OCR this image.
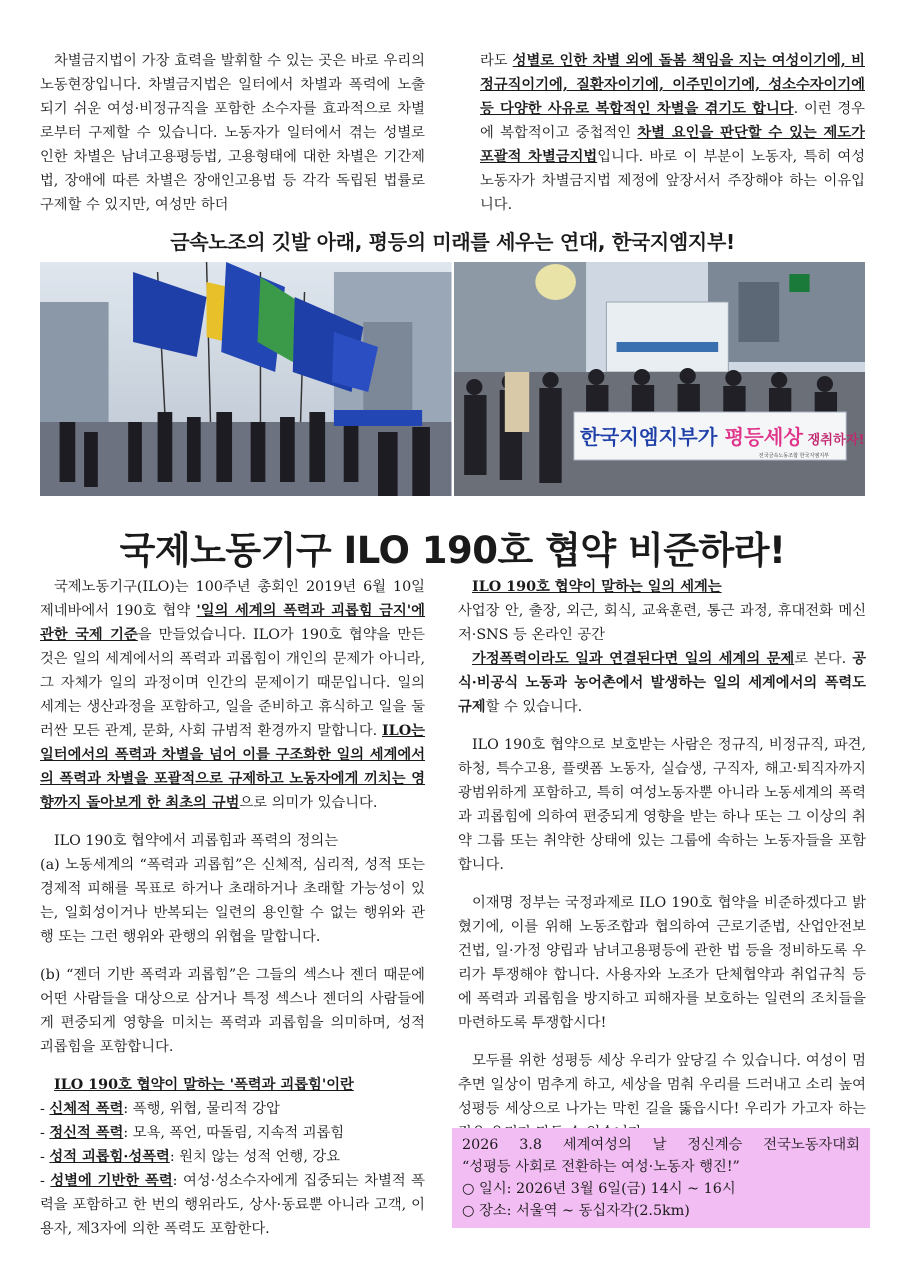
차별금지법이 가장 효력을 발휘할 수 있는 곳은 바로 우리의 노동현장입니다. 차별금지법은 일터에서 차별과 폭력에 노출되기 쉬운 여성·비정규직을 포함한 소수자를 효과적으로 차별로부터 구제할 수 있습니다. 노동자가 일터에서 겪는 성별로 인한 차별은 남녀고용평등법, 고용형태에 대한 차별은 기간제법, 장애에 따른 차별은 장애인고용법 등 각각 독립된 법률로 구제할 수 있지만, 여성만 하더

라도 성별로 인한 차별 외에 돌봄 책임을 지는 여성이기에, 비정규직이기에, 질환자이기에, 이주민이기에, 성소수자이기에 등 다양한 사유로 복합적인 차별을 겪기도 합니다. 이런 경우에 복합적이고 중첩적인 차별 요인을 판단할 수 있는 제도가 포괄적 차별금지법입니다. 바로 이 부분이 노동자, 특히 여성노동자가 차별금지법 제정에 앞장서서 주장해야 하는 이유입니다.

금속노조의 깃발 아래, 평등의 미래를 세우는 연대, 한국지엠지부!
한국지엠지부가 평등세상 쟁취하자!
전국금속노동조합 한국지엠지부
국제노동기구 ILO 190호 협약 비준하라!

국제노동기구(ILO)는 100주년 총회인 2019년 6월 10일 제네바에서 190호 협약 '일의 세계의 폭력과 괴롭힘 금지'에 관한 국제 기준을 만들었습니다. ILO가 190호 협약을 만든 것은 일의 세계에서의 폭력과 괴롭힘이 개인의 문제가 아니라, 그 자체가 일의 과정이며 인간의 문제이기 때문입니다. 일의 세계는 생산과정을 포함하고, 일을 준비하고 휴식하고 일을 둘러싼 모든 관계, 문화, 사회 규범적 환경까지 말합니다. ILO는 일터에서의 폭력과 차별을 넘어 이를 구조화한 일의 세계에서의 폭력과 차별을 포괄적으로 규제하고 노동자에게 끼치는 영향까지 돌아보게 한 최초의 규범으로 의미가 있습니다.

ILO 190호 협약에서 괴롭힘과 폭력의 정의는

(a) 노동세계의 “폭력과 괴롭힘”은 신체적, 심리적, 성적 또는 경제적 피해를 목표로 하거나 초래하거나 초래할 가능성이 있는, 일회성이거나 반복되는 일련의 용인할 수 없는 행위와 관행 또는 그런 행위와 관행의 위협을 말합니다.

(b) “젠더 기반 폭력과 괴롭힘”은 그들의 섹스나 젠더 때문에 어떤 사람들을 대상으로 삼거나 특정 섹스나 젠더의 사람들에게 편중되게 영향을 미치는 폭력과 괴롭힘을 의미하며, 성적 괴롭힘을 포함합니다.

ILO 190호 협약이 말하는 '폭력과 괴롭힘'이란

- 신체적 폭력: 폭행, 위협, 물리적 강압

- 정신적 폭력: 모욕, 폭언, 따돌림, 지속적 괴롭힘

- 성적 괴롭힘·성폭력: 원치 않는 성적 언행, 강요

- 성별에 기반한 폭력: 여성·성소수자에게 집중되는 차별적 폭력을 포함하고 한 번의 행위라도, 상사·동료뿐 아니라 고객, 이용자, 제3자에 의한 폭력도 포함한다.

ILO 190호 협약이 말하는 일의 세계는

사업장 안, 출장, 외근, 회식, 교육훈련, 통근 과정, 휴대전화 메신저·SNS 등 온라인 공간

가정폭력이라도 일과 연결된다면 일의 세계의 문제로 본다. 공식·비공식 노동과 농어촌에서 발생하는 일의 세계에서의 폭력도 규제할 수 있습니다.

ILO 190호 협약으로 보호받는 사람은 정규직, 비정규직, 파견, 하청, 특수고용, 플랫폼 노동자, 실습생, 구직자, 해고·퇴직자까지 광범위하게 포함하고, 특히 여성노동자뿐 아니라 노동세계의 폭력과 괴롭힘에 의하여 편중되게 영향을 받는 하나 또는 그 이상의 취약 그룹 또는 취약한 상태에 있는 그룹에 속하는 노동자들을 포함합니다.

이재명 정부는 국정과제로 ILO 190호 협약을 비준하겠다고 밝혔기에, 이를 위해 노동조합과 협의하여 근로기준법, 산업안전보건법, 일·가정 양립과 남녀고용평등에 관한 법 등을 정비하도록 우리가 투쟁해야 합니다. 사용자와 노조가 단체협약과 취업규칙 등에 폭력과 괴롭힘을 방지하고 피해자를 보호하는 일련의 조치들을 마련하도록 투쟁합시다!

모두를 위한 성평등 세상 우리가 앞당길 수 있습니다. 여성이 멈추면 일상이 멈추게 하고, 세상을 멈춰 우리를 드러내고 소리 높여 성평등 세상으로 나가는 막힌 길을 뚫읍시다! 우리가 가고자 하는

2026 3.8 세계여성의 날 정신계승 전국노동자대회
“성평등 사회로 전환하는 여성·노동자 행진!”
○ 일시: 2026년 3월 6일(금) 14시 ~ 16시
○ 장소: 서울역 ~ 동십자각(2.5km)
